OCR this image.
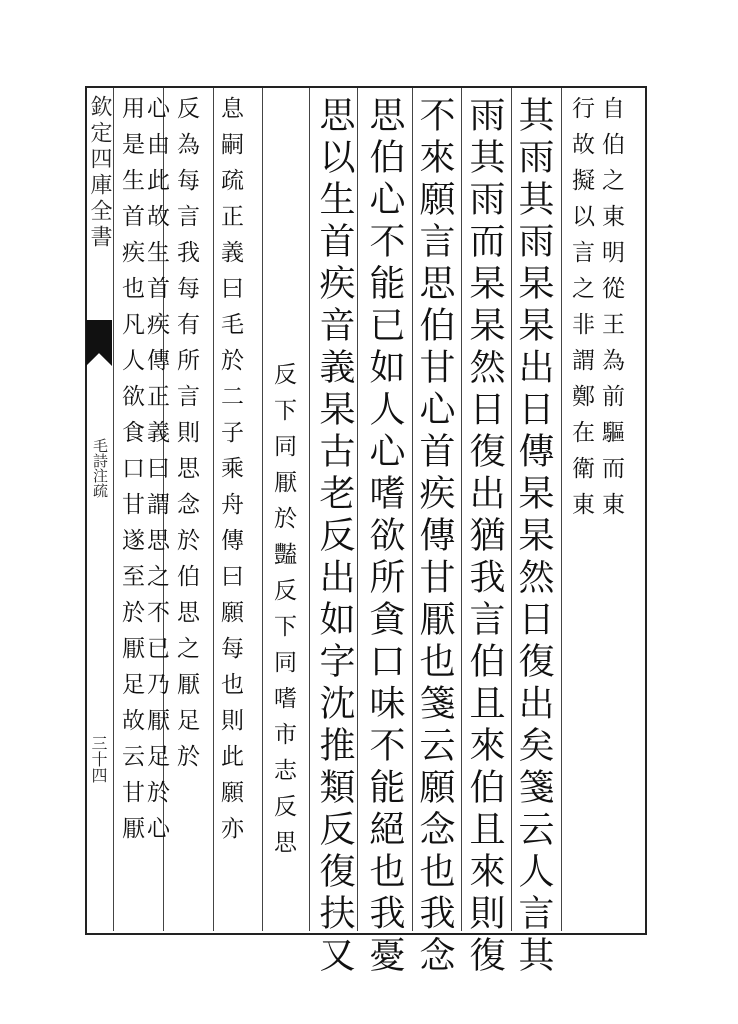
欽定四庫全書
毛詩注疏
三十四
自伯之東明從王為前驅而東
行故擬以言之非謂鄭在衛東
其雨其雨杲杲出日傳杲杲然日復出矣箋云人言其
雨其雨而杲杲然日復出猶我言伯且來伯且來則復
不來願言思伯甘心首疾傳甘厭也箋云願念也我念
思伯心不能已如人心嗜欲所貪口味不能絕也我憂
思以生首疾音義杲古老反出如字沈推類反復扶又
反下同厭於豔反下同嗜市志反思
息嗣疏正義曰毛於二子乘舟傳曰願每也則此願亦
反為每言我每有所言則思念於伯思之厭足於
心由此故生首疾傳正義曰謂思之不已乃厭足於心
用是生首疾也凡人欲食口甘遂至於厭足故云甘厭
